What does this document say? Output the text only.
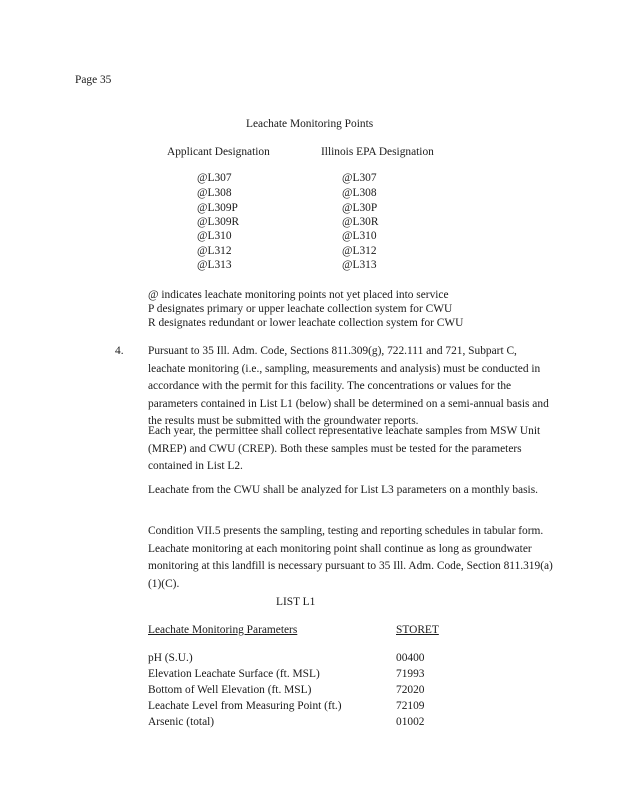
Page 35
Leachate Monitoring Points
Applicant Designation	Illinois EPA Designation
@L307	@L307
@L308	@L308
@L309P	@L30P
@L309R	@L30R
@L310	@L310
@L312	@L312
@L313	@L313
@ indicates leachate monitoring points not yet placed into service
P designates primary or upper leachate collection system for CWU
R designates redundant or lower leachate collection system for CWU
4. Pursuant to 35 Ill. Adm. Code, Sections 811.309(g), 722.111 and 721, Subpart C, leachate monitoring (i.e., sampling, measurements and analysis) must be conducted in accordance with the permit for this facility. The concentrations or values for the parameters contained in List L1 (below) shall be determined on a semi-annual basis and the results must be submitted with the groundwater reports.
Each year, the permittee shall collect representative leachate samples from MSW Unit (MREP) and CWU (CREP). Both these samples must be tested for the parameters contained in List L2.
Leachate from the CWU shall be analyzed for List L3 parameters on a monthly basis.
Condition VII.5 presents the sampling, testing and reporting schedules in tabular form. Leachate monitoring at each monitoring point shall continue as long as groundwater monitoring at this landfill is necessary pursuant to 35 Ill. Adm. Code, Section 811.319(a)(1)(C).
LIST L1
Leachate Monitoring Parameters	STORET
pH (S.U.)	00400
Elevation Leachate Surface (ft. MSL)	71993
Bottom of Well Elevation (ft. MSL)	72020
Leachate Level from Measuring Point (ft.)	72109
Arsenic (total)	01002
